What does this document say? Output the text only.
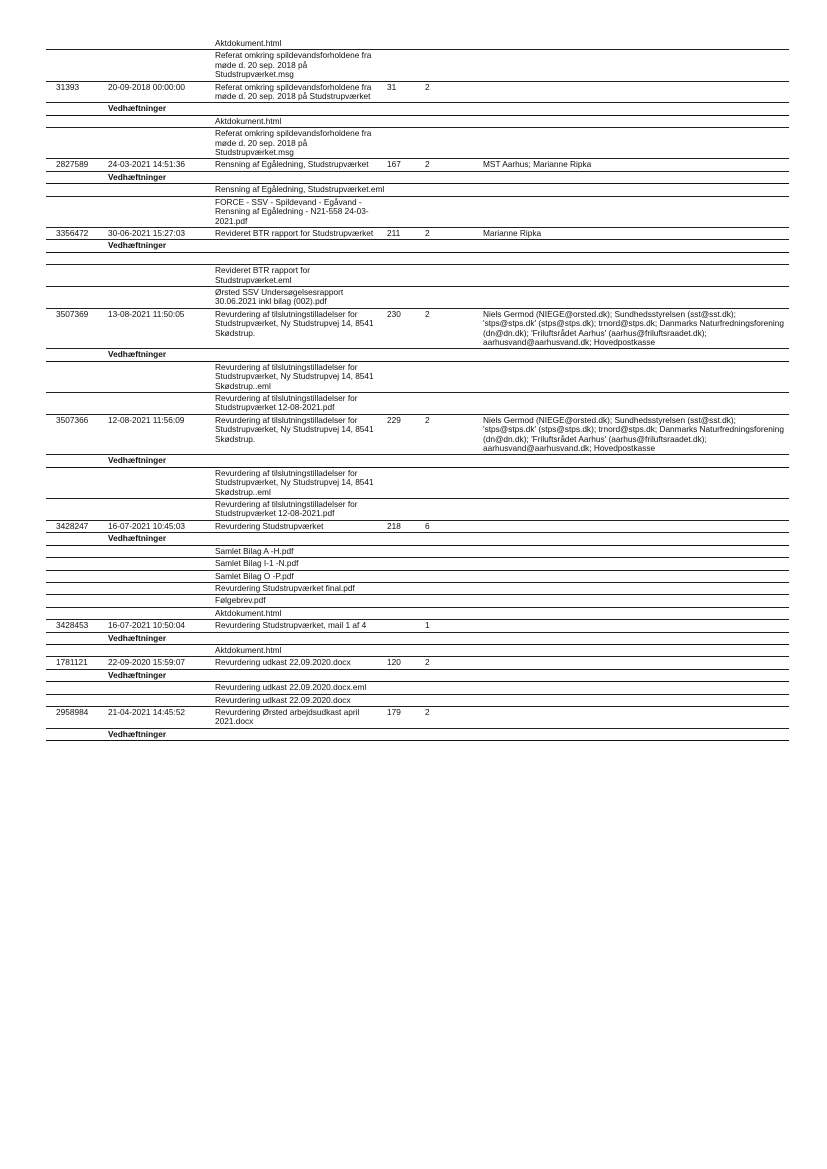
		Aktdokument.html			
		Referat omkring spildevandsforholdene fra møde d. 20 sep. 2018 på Studstrupværket.msg			
31393	20-09-2018 00:00:00	Referat omkring spildevandsforholdene fra møde d. 20 sep. 2018 på Studstrupværket	31	2	
	Vedhæftninger				
		Aktdokument.html			
		Referat omkring spildevandsforholdene fra møde d. 20 sep. 2018 på Studstrupværket.msg			
2827589	24-03-2021 14:51:36	Rensning af Egåledning, Studstrupværket	167	2	MST Aarhus; Marianne Ripka
	Vedhæftninger				
		Rensning af Egåledning, Studstrupværket.eml			
		FORCE - SSV - Spildevand - Egåvand - Rensning af Egåledning - N21-558 24-03-2021.pdf			
3356472	30-06-2021 15:27:03	Revideret BTR rapport for Studstrupværket	211	2	Marianne Ripka
	Vedhæftninger				

		Revideret BTR rapport for Studstrupværket.eml			
		Ørsted SSV Undersøgelsesrapport 30.06.2021 inkl bilag (002).pdf			
3507369	13-08-2021 11:50:05	Revurdering af tilslutningstilladelser for Studstrupværket, Ny Studstrupvej 14, 8541 Skødstrup.	230	2	Niels Germod (NIEGE@orsted.dk); Sundhedsstyrelsen (sst@sst.dk); 'stps@stps.dk' (stps@stps.dk); trnord@stps.dk; Danmarks Naturfredningsforening (dn@dn.dk); 'Friluftsrådet Aarhus' (aarhus@friluftsraadet.dk); aarhusvand@aarhusvand.dk; Hovedpostkasse
	Vedhæftninger				
		Revurdering af tilslutningstilladelser for Studstrupværket, Ny Studstrupvej 14, 8541 Skødstrup..eml			
		Revurdering af tilslutningstilladelser for Studstrupværket 12-08-2021.pdf			
3507366	12-08-2021 11:56:09	Revurdering af tilslutningstilladelser for Studstrupværket, Ny Studstrupvej 14, 8541 Skødstrup.	229	2	Niels Germod (NIEGE@orsted.dk); Sundhedsstyrelsen (sst@sst.dk); 'stps@stps.dk' (stps@stps.dk); trnord@stps.dk; Danmarks Naturfredningsforening (dn@dn.dk); 'Friluftsrådet Aarhus' (aarhus@friluftsraadet.dk); aarhusvand@aarhusvand.dk; Hovedpostkasse
	Vedhæftninger				
		Revurdering af tilslutningstilladelser for Studstrupværket, Ny Studstrupvej 14, 8541 Skødstrup..eml			
		Revurdering af tilslutningstilladelser for Studstrupværket 12-08-2021.pdf			
3428247	16-07-2021 10:45:03	Revurdering Studstrupværket	218	6	
	Vedhæftninger				
		Samlet Bilag A -H.pdf			
		Samlet Bilag I-1 -N.pdf			
		Samlet Bilag O -P.pdf			
		Revurdering Studstrupværket final.pdf			
		Følgebrev.pdf			
		Aktdokument.html			
3428453	16-07-2021 10:50:04	Revurdering Studstrupværket, mail 1 af 4		1	
	Vedhæftninger				
		Aktdokument.html			
1781121	22-09-2020 15:59:07	Revurdering udkast 22.09.2020.docx	120	2	
	Vedhæftninger				
		Revurdering udkast 22.09.2020.docx.eml			
		Revurdering udkast 22.09.2020.docx			
2958984	21-04-2021 14:45:52	Revurdering Ørsted arbejdsudkast april 2021.docx	179	2	
	Vedhæftninger				
